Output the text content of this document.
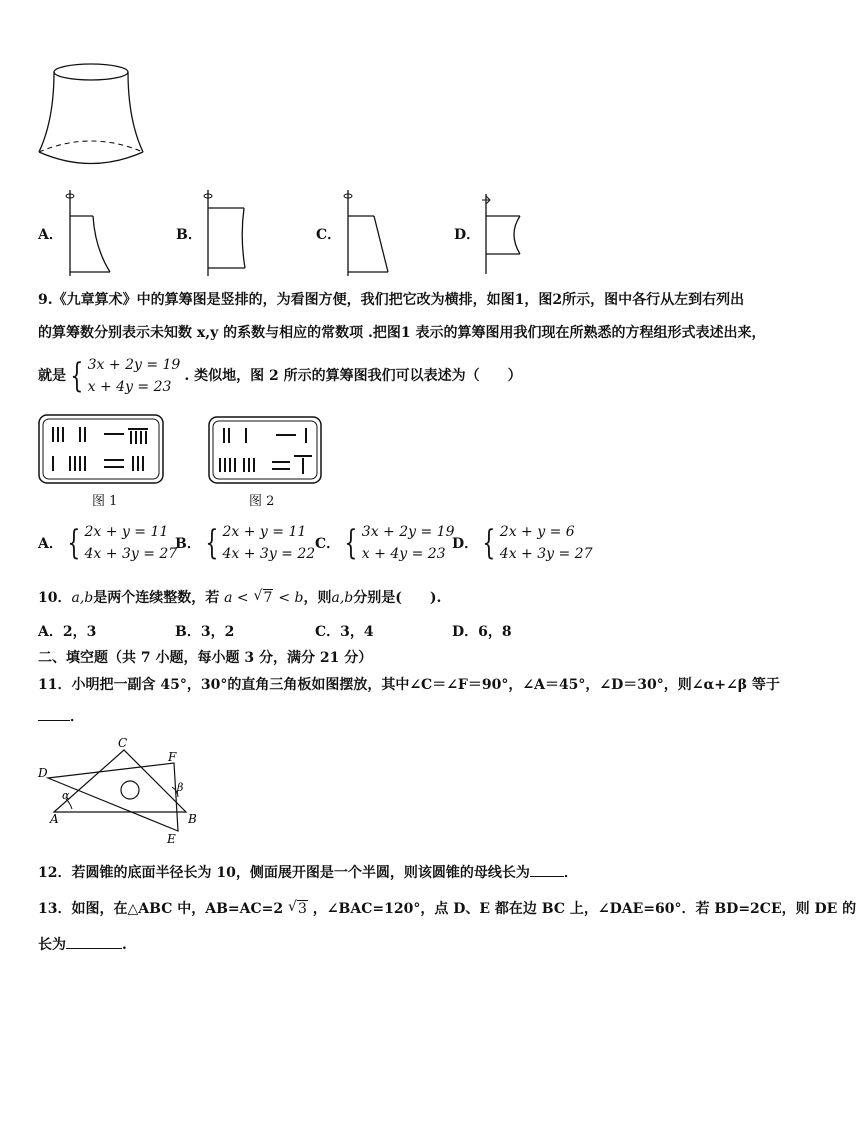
A．	B．	C．	D．
9.《九章算术》中的算筹图是竖排的，为看图方便，我们把它改为横排，如图1，图2所示，图中各行从左到右列出
的算筹数分别表示未知数 x,y 的系数与相应的常数项 .把图1 表示的算筹图用我们现在所熟悉的方程组形式表述出来，
就是 { 3x + 2y = 19
x + 4y = 23
. 类似地，图 2 所示的算筹图我们可以表述为（　　）
图 1	图 2
A． { 2x + y = 11
4x + 3y = 27
B． { 2x + y = 11
4x + 3y = 22
C． { 3x + 2y = 19
x + 4y = 23
D． { 2x + y = 6
4x + 3y = 27
10．a,b是两个连续整数，若 a < √ 7 < b，则a,b分别是(　　).
A．2，3	B．3，2	C．3，4	D．6，8
二、填空题（共 7 小题，每小题 3 分，满分 21 分）
11．小明把一副含 45°，30°的直角三角板如图摆放，其中∠C＝∠F＝90°，∠A＝45°，∠D＝30°，则∠α+∠β 等于
．
C
F
D
α
β
A	B
E
12．若圆锥的底面半径长为 10，侧面展开图是一个半圆，则该圆锥的母线长为 ．
13．如图，在△ABC 中，AB=AC=2 √ 3 ，∠BAC=120°，点 D、E 都在边 BC 上，∠DAE=60°．若 BD=2CE，则 DE 的
长为	.
